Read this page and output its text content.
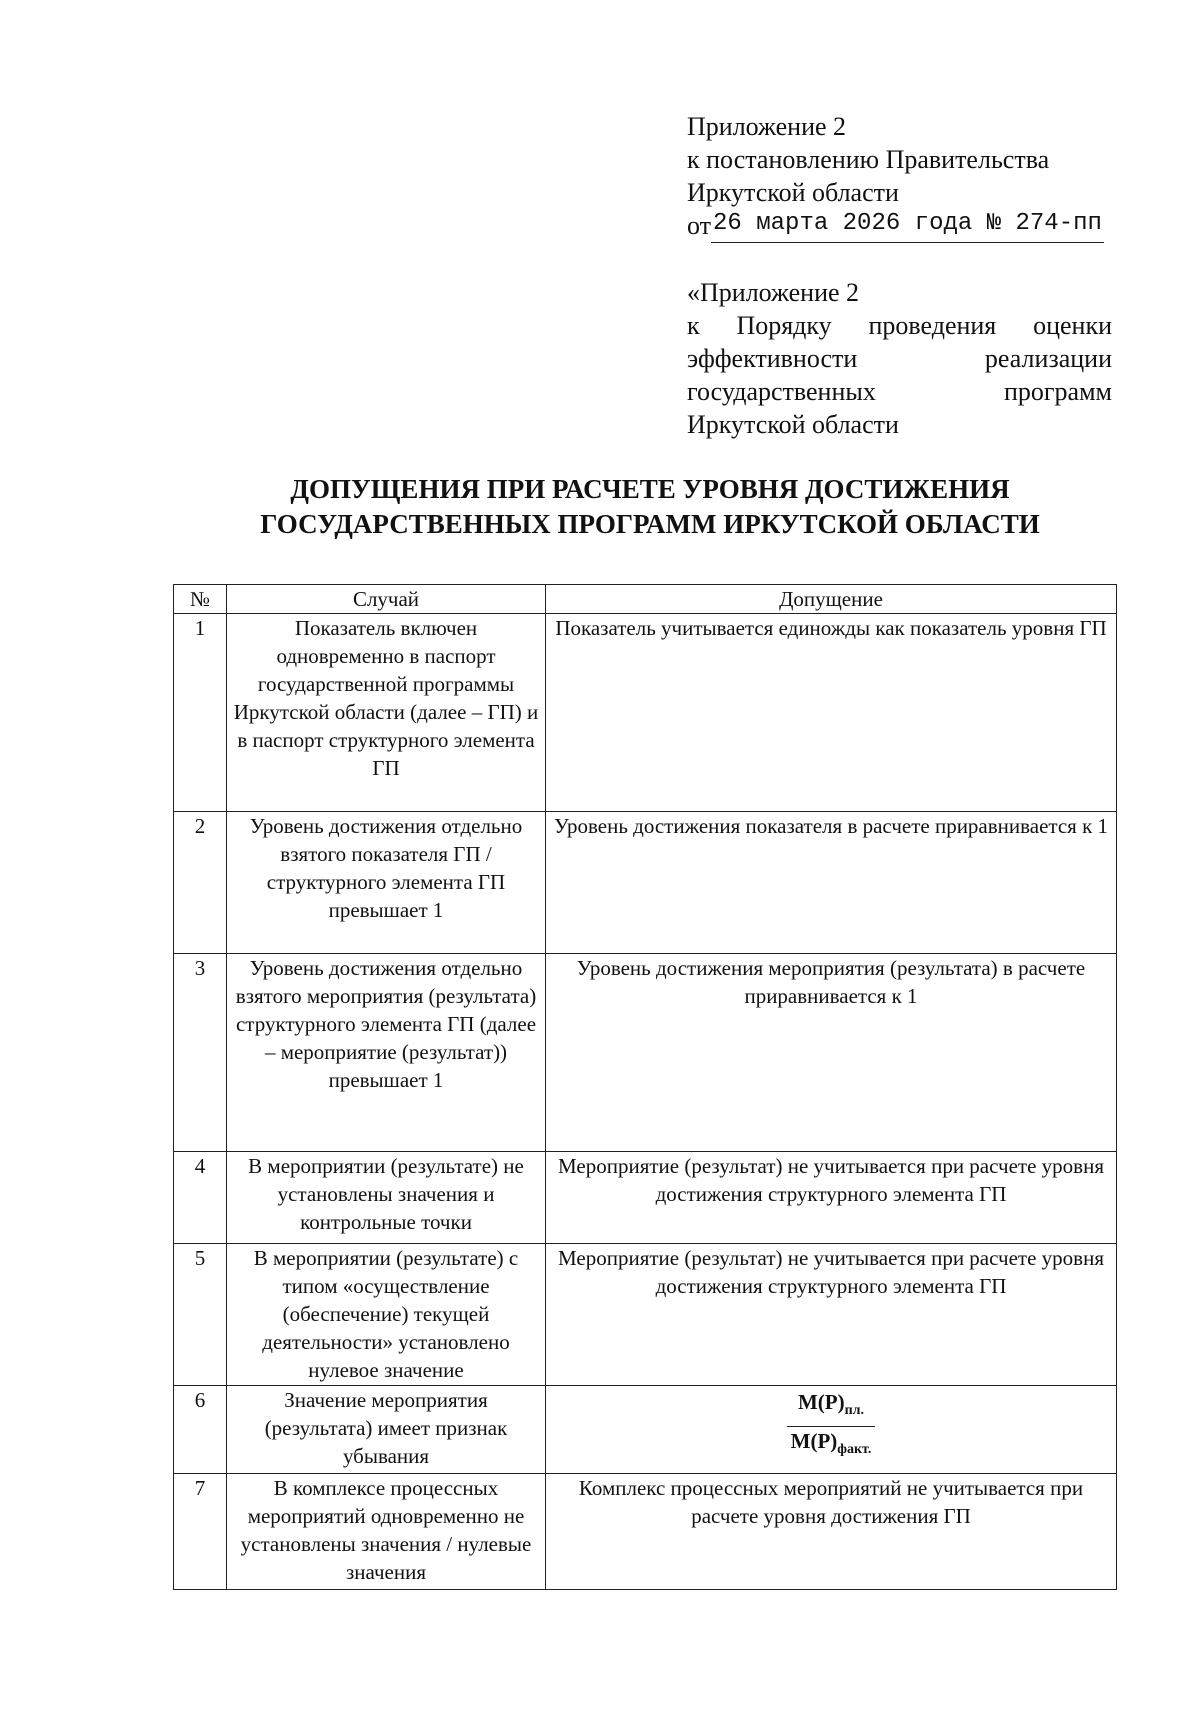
Приложение 2
к постановлению Правительства
Иркутской области
от26 марта 2026 года № 274-пп
«Приложение 2
к Порядку проведения оценки
эффективности реализации
государственных программ
Иркутской области
ДОПУЩЕНИЯ ПРИ РАСЧЕТЕ УРОВНЯ ДОСТИЖЕНИЯ
ГОСУДАРСТВЕННЫХ ПРОГРАММ ИРКУТСКОЙ ОБЛАСТИ
№	Случай	Допущение
1	Показатель включен одновременно в паспорт государственной программы Иркутской области (далее – ГП) и в паспорт структурного элемента ГП	Показатель учитывается единожды как показатель уровня ГП
2	Уровень достижения отдельно взятого показателя ГП / структурного элемента ГП превышает 1	Уровень достижения показателя в расчете приравнивается к 1
3	Уровень достижения отдельно взятого мероприятия (результата) структурного элемента ГП (далее – мероприятие (результат)) превышает 1	Уровень достижения мероприятия (результата) в расчете приравнивается к 1
4	В мероприятии (результате) не установлены значения и контрольные точки	Мероприятие (результат) не учитывается при расчете уровня достижения структурного элемента ГП
5	В мероприятии (результате) с типом «осуществление (обеспечение) текущей деятельности» установлено нулевое значение	Мероприятие (результат) не учитывается при расчете уровня достижения структурного элемента ГП
6	Значение мероприятия (результата) имеет признак убывания	$\frac{М(Р)_{пл.}}{М(Р)_{факт.}}$

7	В комплексе процессных мероприятий одновременно не установлены значения / нулевые значения	Комплекс процессных мероприятий не учитывается при расчете уровня достижения ГП
